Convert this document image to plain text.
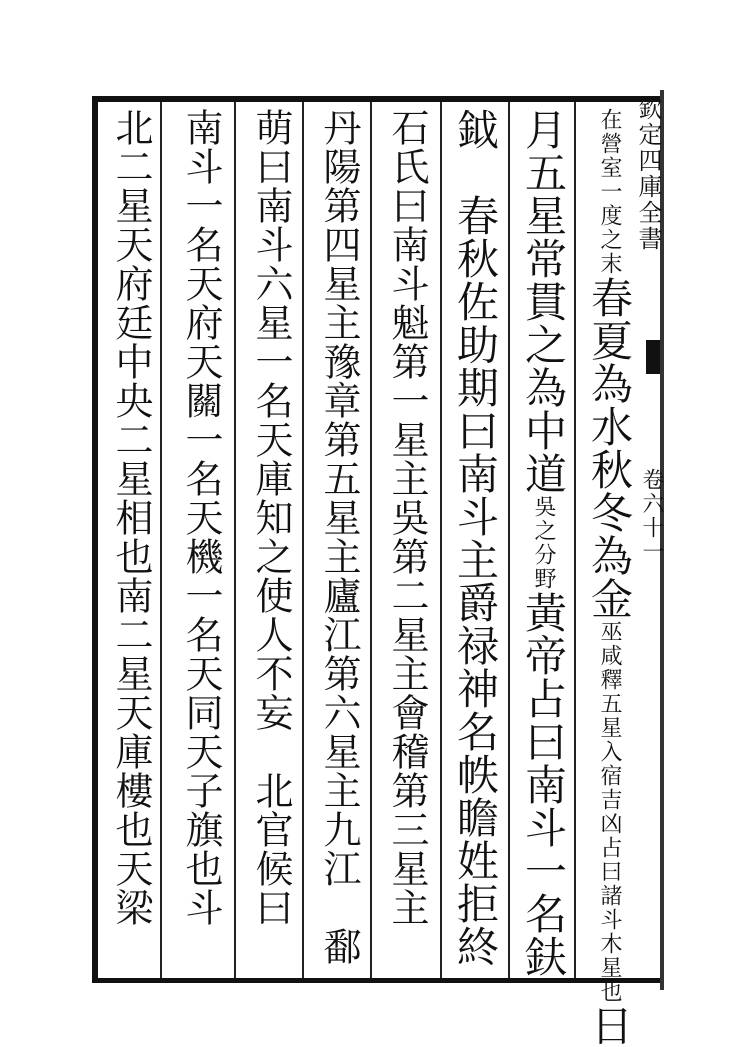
欽定四庫全書
卷六十一
在營室一度之末春夏為水秋冬為金巫咸釋五星入宿吉凶占曰諸斗木星也日
月五星常貫之為中道吳之分野黃帝占曰南斗一名鈇
鉞　春秋佐助期曰南斗主爵禄神名帙瞻姓拒終
石氏曰南斗魁第一星主吳第二星主會稽第三星主
丹陽第四星主豫章第五星主廬江第六星主九江　鄱
萌曰南斗六星一名天庫知之使人不妄　北官候曰
南斗一名天府天關一名天機一名天同天子旗也斗
北二星天府廷中央二星相也南二星天庫樓也天梁
